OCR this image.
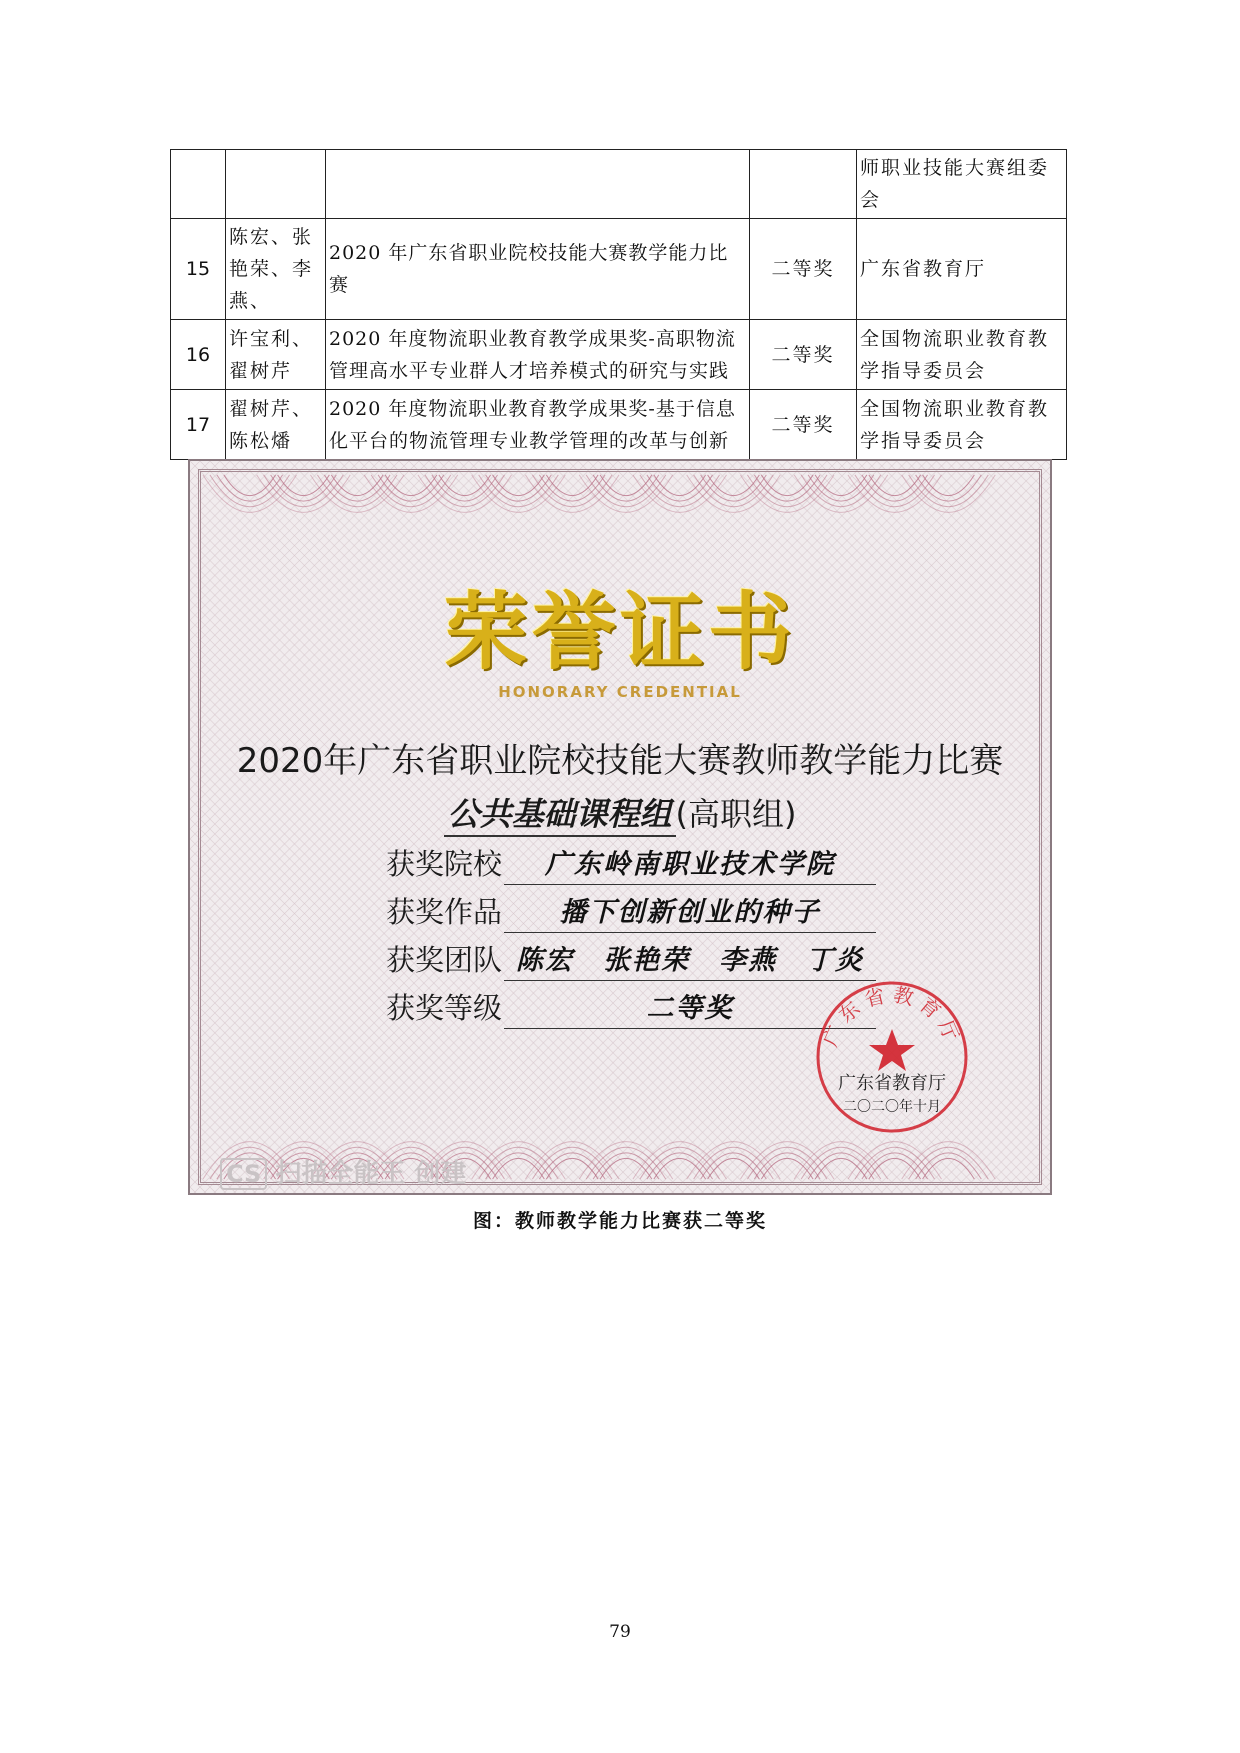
				师职业技能大赛组委会
15	陈宏、张艳荣、李燕、	2020 年广东省职业院校技能大赛教学能力比赛	二等奖	广东省教育厅
16	许宝利、翟树芹	2020 年度物流职业教育教学成果奖-高职物流管理高水平专业群人才培养模式的研究与实践	二等奖	全国物流职业教育教学指导委员会
17	翟树芹、陈松燔	2020 年度物流职业教育教学成果奖-基于信息化平台的物流管理专业教学管理的改革与创新	二等奖	全国物流职业教育教学指导委员会
荣誉证书
HONORARY CREDENTIAL
2020年广东省职业院校技能大赛教师教学能力比赛
公共基础课程组 (高职组)
获奖院校	广东岭南职业技术学院
获奖作品	播下创新创业的种子
获奖团队 陈宏　张艳荣　李燕　丁炎
获奖等级	二等奖
广东省教育厅
广东省教育厅
二〇二〇年十月
CS 扫描全能王 创建
图：教师教学能力比赛获二等奖
79
